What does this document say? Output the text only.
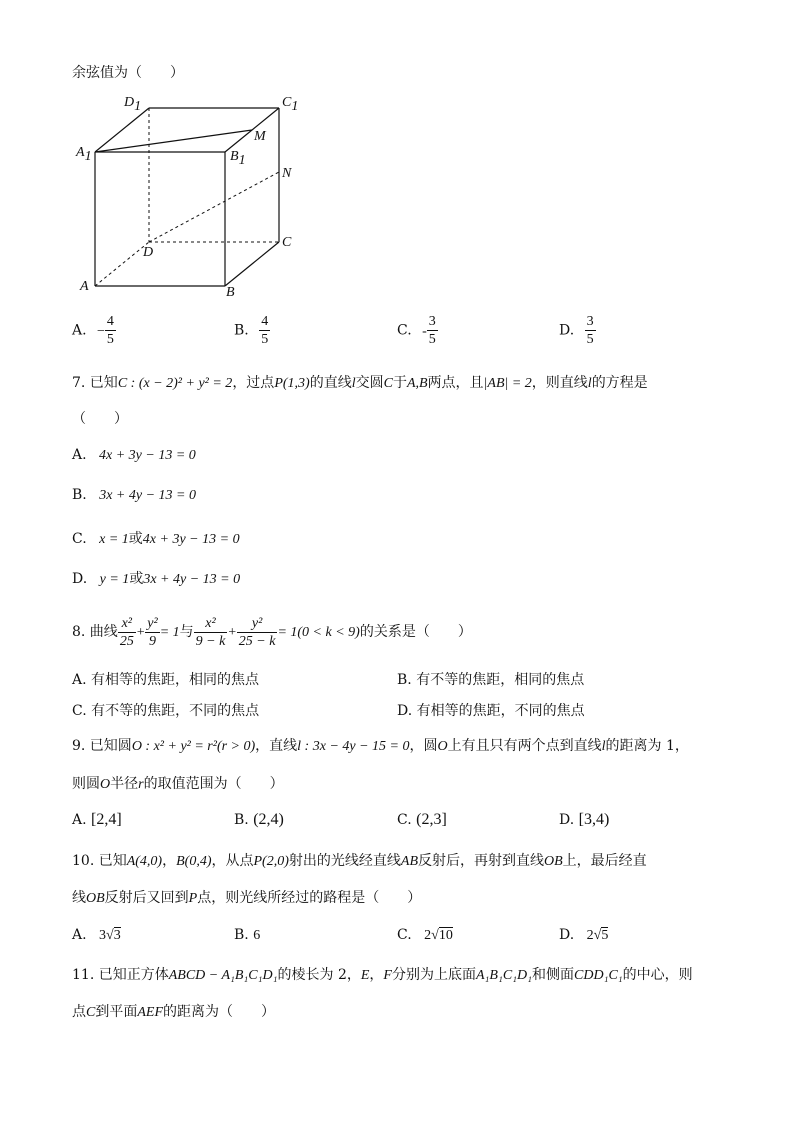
余弦值为（　　）
D1	C1
A1	B1
M
N
D
C
A	B
A. − $\frac{4}{5}$	B. $\frac{4}{5}$	C. - $\frac{3}{5}$	D. $\frac{3}{5}$
7. 已知C : (x − 2)² + y² = 2，过点P(1,3)的直线l交圆C于A,B两点，且|AB| = 2，则直线l的方程是
（　　）
A. 4x + 3y − 13 = 0
B. 3x + 4y − 13 = 0
C. x = 1或4x + 3y − 13 = 0
D. y = 1或3x + 4y − 13 = 0
8. 曲线 $\frac{\text{x²}}{25} + \frac{\text{y²}}{9} = 1$与 $\frac{\text{x²}}{9 - k} + \frac{\text{y²}}{25 - k} = 1(0 < k < 9)$的关系是（　　）
A. 有相等的焦距，相同的焦点	B. 有不等的焦距，相同的焦点
C. 有不等的焦距，不同的焦点	D. 有相等的焦距，不同的焦点
9. 已知圆O : x² + y² = r²(r > 0)，直线l : 3x − 4y − 15 = 0，圆O上有且只有两个点到直线l的距离为 1，
则圆O半径r的取值范围为（　　）
A. [2,4]	B. (2,4)	C. (2,3]	D. [3,4)
10. 已知A(4,0)，B(0,4)，从点P(2,0)射出的光线经直线AB反射后，再射到直线OB上，最后经直
线OB反射后又回到P点，则光线所经过的路程是（　　）
A. 3√3	B. 6	C. 2√10	D. 2√5
11. 已知正方体ABCD − A₁B₁C₁D₁的棱长为 2，E，F分别为上底面A₁B₁C₁D₁和侧面CDD₁C₁的中心，则
点C到平面AEF的距离为（　　）
